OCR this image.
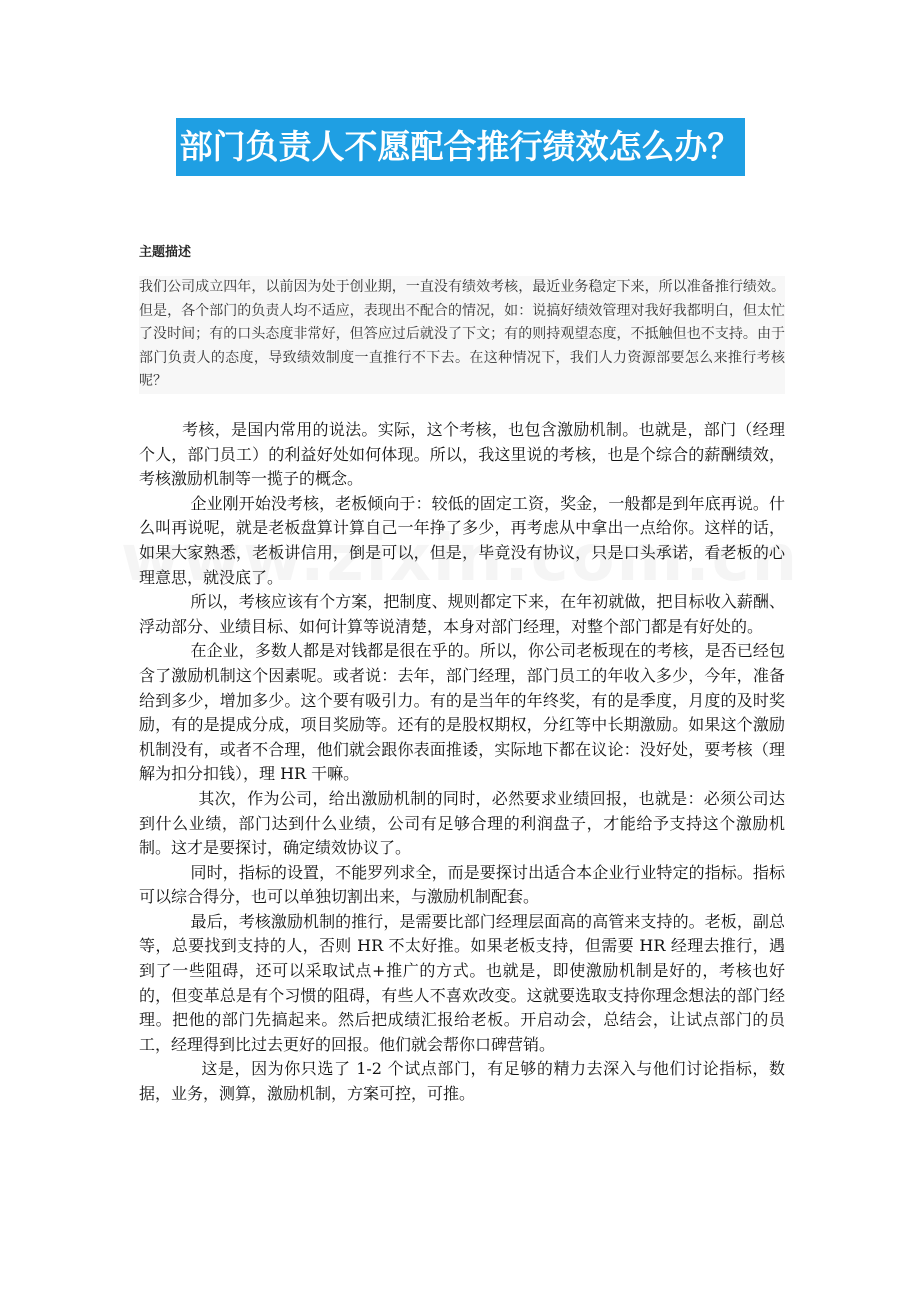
部门负责人不愿配合推行绩效怎么办？
主题描述

我们公司成立四年，以前因为处于创业期，一直没有绩效考核，最近业务稳定下来，所以准备推行绩效。但是，各个部门的负责人均不适应，表现出不配合的情况，如：说搞好绩效管理对我好我都明白，但太忙了没时间；有的口头态度非常好，但答应过后就没了下文；有的则持观望态度，不抵触但也不支持。由于部门负责人的态度，导致绩效制度一直推行不下去。在这种情况下，我们人力资源部要怎么来推行考核呢？

考核，是国内常用的说法。实际，这个考核，也包含激励机制。也就是，部门（经理个人，部门员工）的利益好处如何体现。所以，我这里说的考核，也是个综合的薪酬绩效，考核激励机制等一揽子的概念。

企业刚开始没考核，老板倾向于：较低的固定工资，奖金，一般都是到年底再说。什么叫再说呢，就是老板盘算计算自己一年挣了多少，再考虑从中拿出一点给你。这样的话，如果大家熟悉，老板讲信用，倒是可以，但是，毕竟没有协议，只是口头承诺，看老板的心理意思，就没底了。

所以，考核应该有个方案，把制度、规则都定下来，在年初就做，把目标收入薪酬、浮动部分、业绩目标、如何计算等说清楚，本身对部门经理，对整个部门都是有好处的。

在企业，多数人都是对钱都是很在乎的。所以，你公司老板现在的考核，是否已经包含了激励机制这个因素呢。或者说：去年，部门经理，部门员工的年收入多少，今年，准备给到多少，增加多少。这个要有吸引力。有的是当年的年终奖，有的是季度，月度的及时奖励，有的是提成分成，项目奖励等。还有的是股权期权，分红等中长期激励。如果这个激励机制没有，或者不合理，他们就会跟你表面推诿，实际地下都在议论：没好处，要考核（理解为扣分扣钱），理 HR 干嘛。

其次，作为公司，给出激励机制的同时，必然要求业绩回报，也就是：必须公司达到什么业绩，部门达到什么业绩，公司有足够合理的利润盘子，才能给予支持这个激励机制。这才是要探讨，确定绩效协议了。

同时，指标的设置，不能罗列求全，而是要探讨出适合本企业行业特定的指标。指标可以综合得分，也可以单独切割出来，与激励机制配套。

最后，考核激励机制的推行，是需要比部门经理层面高的高管来支持的。老板，副总等，总要找到支持的人，否则 HR 不太好推。如果老板支持，但需要 HR 经理去推行，遇到了一些阻碍，还可以采取试点+推广的方式。也就是，即使激励机制是好的，考核也好的，但变革总是有个习惯的阻碍，有些人不喜欢改变。这就要选取支持你理念想法的部门经理。把他的部门先搞起来。然后把成绩汇报给老板。开启动会，总结会，让试点部门的员工，经理得到比过去更好的回报。他们就会帮你口碑营销。

这是，因为你只选了 1-2 个试点部门，有足够的精力去深入与他们讨论指标，数据，业务，测算，激励机制，方案可控，可推。
